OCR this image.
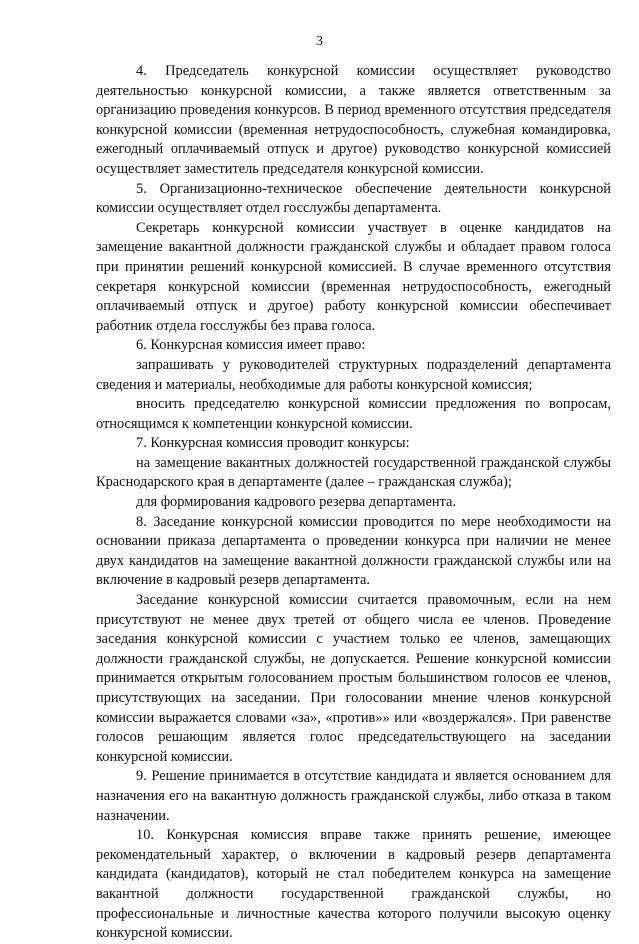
3

4. Председатель конкурсной комиссии осуществляет руководство деятельностью конкурсной комиссии, а также является ответственным за организацию проведения конкурсов. В период временного отсутствия председателя конкурсной комиссии (временная нетрудоспособность, служебная командировка, ежегодный оплачиваемый отпуск и другое) руководство конкурсной комиссией осуществляет заместитель председателя конкурсной комиссии.

5. Организационно-техническое обеспечение деятельности конкурсной комиссии осуществляет отдел госслужбы департамента.

Секретарь конкурсной комиссии участвует в оценке кандидатов на замещение вакантной должности гражданской службы и обладает правом голоса при принятии решений конкурсной комиссией. В случае временного отсутствия секретаря конкурсной комиссии (временная нетрудоспособность, ежегодный оплачиваемый отпуск и другое) работу конкурсной комиссии обеспечивает работник отдела госслужбы без права голоса.

6. Конкурсная комиссия имеет право:

запрашивать у руководителей структурных подразделений департамента сведения и материалы, необходимые для работы конкурсной комиссия;

вносить председателю конкурсной комиссии предложения по вопросам, относящимся к компетенции конкурсной комиссии.

7. Конкурсная комиссия проводит конкурсы:

на замещение вакантных должностей государственной гражданской службы Краснодарского края в департаменте (далее – гражданская служба);

для формирования кадрового резерва департамента.

8. Заседание конкурсной комиссии проводится по мере необходимости на основании приказа департамента о проведении конкурса при наличии не менее двух кандидатов на замещение вакантной должности гражданской службы или на включение в кадровый резерв департамента.

Заседание конкурсной комиссии считается правомочным, если на нем присутствуют не менее двух третей от общего числа ее членов. Проведение заседания конкурсной комиссии с участием только ее членов, замещающих должности гражданской службы, не допускается. Решение конкурсной комиссии принимается открытым голосованием простым большинством голосов ее членов, присутствующих на заседании. При голосовании мнение членов конкурсной комиссии выражается словами «за», «против»» или «воздержался». При равенстве голосов решающим является голос председательствующего на заседании конкурсной комиссии.

9. Решение принимается в отсутствие кандидата и является основанием для назначения его на вакантную должность гражданской службы, либо отказа в таком назначении.

10. Конкурсная комиссия вправе также принять решение, имеющее рекомендательный характер, о включении в кадровый резерв департамента кандидата (кандидатов), который не стал победителем конкурса на замещение вакантной должности государственной гражданской службы, но профессиональные и личностные качества которого получили высокую оценку конкурсной комиссии.
